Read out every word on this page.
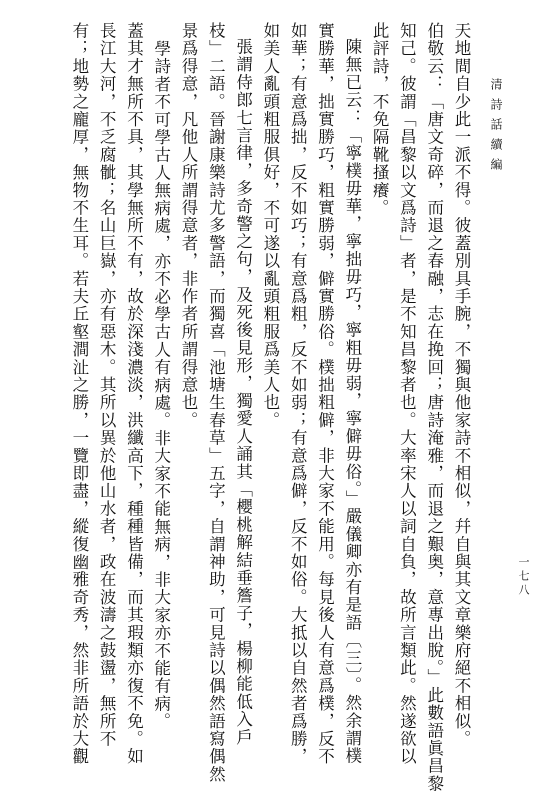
天地間自少此一派不得。彼蓋別具手腕，不獨與他家詩不相似，幷自與其文章樂府絕不相似。
伯敬云：「唐文奇碎，而退之春融，志在挽回；唐詩淹雅，而退之艱奥，意專出脫。」此數語眞昌黎
知己。彼謂「昌黎以文爲詩」者，是不知昌黎者也。大率宋人以詞自負，故所言類此。然遂欲以
此評詩，不免隔靴搔癢。
陳無已云：「寧樸毋華，寧拙毋巧，寧粗毋弱，寧僻毋俗。」嚴儀卿亦有是語〔三〕。然余謂樸
實勝華，拙實勝巧，粗實勝弱，僻實勝俗。樸拙粗僻，非大家不能用。每見後人有意爲樸，反不
如華；有意爲拙，反不如巧；有意爲粗，反不如弱；有意爲僻，反不如俗。大抵以自然者爲勝，
如美人亂頭粗服俱好，不可遂以亂頭粗服爲美人也。
張謂侍郎七言律，多奇警之句，及死後見形，獨愛人誦其「櫻桃解結垂簷子，楊柳能低入戶
枝」二語。晉謝康樂詩尤多警語，而獨喜「池塘生春草」五字，自謂神助，可見詩以偶然語寫偶然
景爲得意，凡他人所謂得意者，非作者所謂得意也。
學詩者不可學古人無病處，亦不必學古人有病處。非大家不能無病，非大家亦不能有病。
蓋其才無所不具，其學無所不有，故於深淺濃淡，洪纖高下，種種皆備，而其瑕類亦復不免。如
長江大河，不乏腐骴；名山巨嶽，亦有惡木。其所以異於他山水者，政在波濤之鼓盪，無所不
有；地勢之龐厚，無物不生耳。若夫丘壑澗沚之勝，一覽即盡，縱復幽雅奇秀，然非所語於大觀	清詩話續編
一七八
